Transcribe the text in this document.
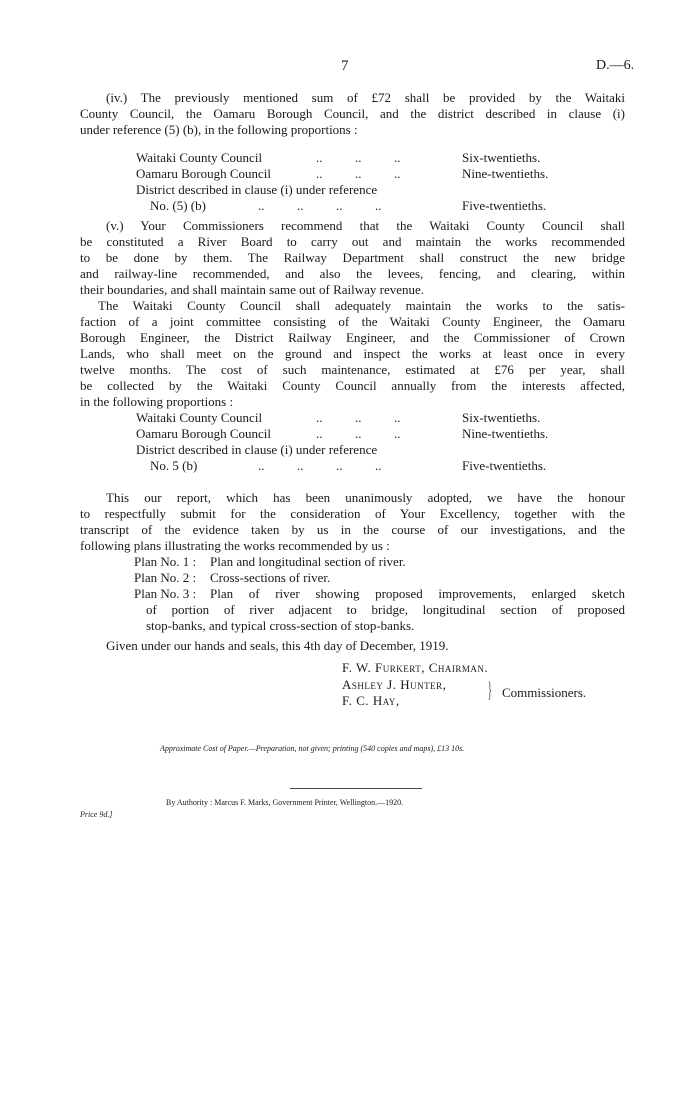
7	D.—6.
(iv.) The previously mentioned sum of £72 shall be provided by the Waitaki
County Council, the Oamaru Borough Council, and the district described in clause (i)
under reference (5) (b), in the following proportions :
Waitaki County Council	..          ..          ..	Six-twentieths.
Oamaru Borough Council	..          ..          ..	Nine-twentieths.
District described in clause (i) under reference
No. (5) (b)	..          ..          ..          ..	Five-twentieths.
(v.) Your Commissioners recommend that the Waitaki County Council shall
be constituted a River Board to carry out and maintain the works recommended
to be done by them. The Railway Department shall construct the new bridge
and railway-line recommended, and also the levees, fencing, and clearing, within
their boundaries, and shall maintain same out of Railway revenue.
The Waitaki County Council shall adequately maintain the works to the satis-
faction of a joint committee consisting of the Waitaki County Engineer, the Oamaru
Borough Engineer, the District Railway Engineer, and the Commissioner of Crown
Lands, who shall meet on the ground and inspect the works at least once in every
twelve months. The cost of such maintenance, estimated at £76 per year, shall
be collected by the Waitaki County Council annually from the interests affected,
in the following proportions :
Waitaki County Council	..          ..          ..	Six-twentieths.
Oamaru Borough Council	..          ..          ..	Nine-twentieths.
District described in clause (i) under reference
No. 5 (b)	..          ..          ..          ..	Five-twentieths.
This our report, which has been unanimously adopted, we have the honour
to respectfully submit for the consideration of Your Excellency, together with the
transcript of the evidence taken by us in the course of our investigations, and the
following plans illustrating the works recommended by us :
Plan No. 1 : Plan and longitudinal section of river.
Plan No. 2 : Cross-sections of river.
Plan No. 3 : Plan of river showing proposed improvements, enlarged sketch
of portion of river adjacent to bridge, longitudinal section of proposed
stop-banks, and typical cross-section of stop-banks.
Given under our hands and seals, this 4th day of December, 1919.
F. W. Furkert, Chairman.
Ashley J. Hunter,
F. C. Hay,	} Commissioners.
Approximate Cost of Paper.—Preparation, not given; printing (540 copies and maps), £13 10s.
By Authority : Marcus F. Marks, Government Printer, Wellington.—1920.
Price 9d.]
